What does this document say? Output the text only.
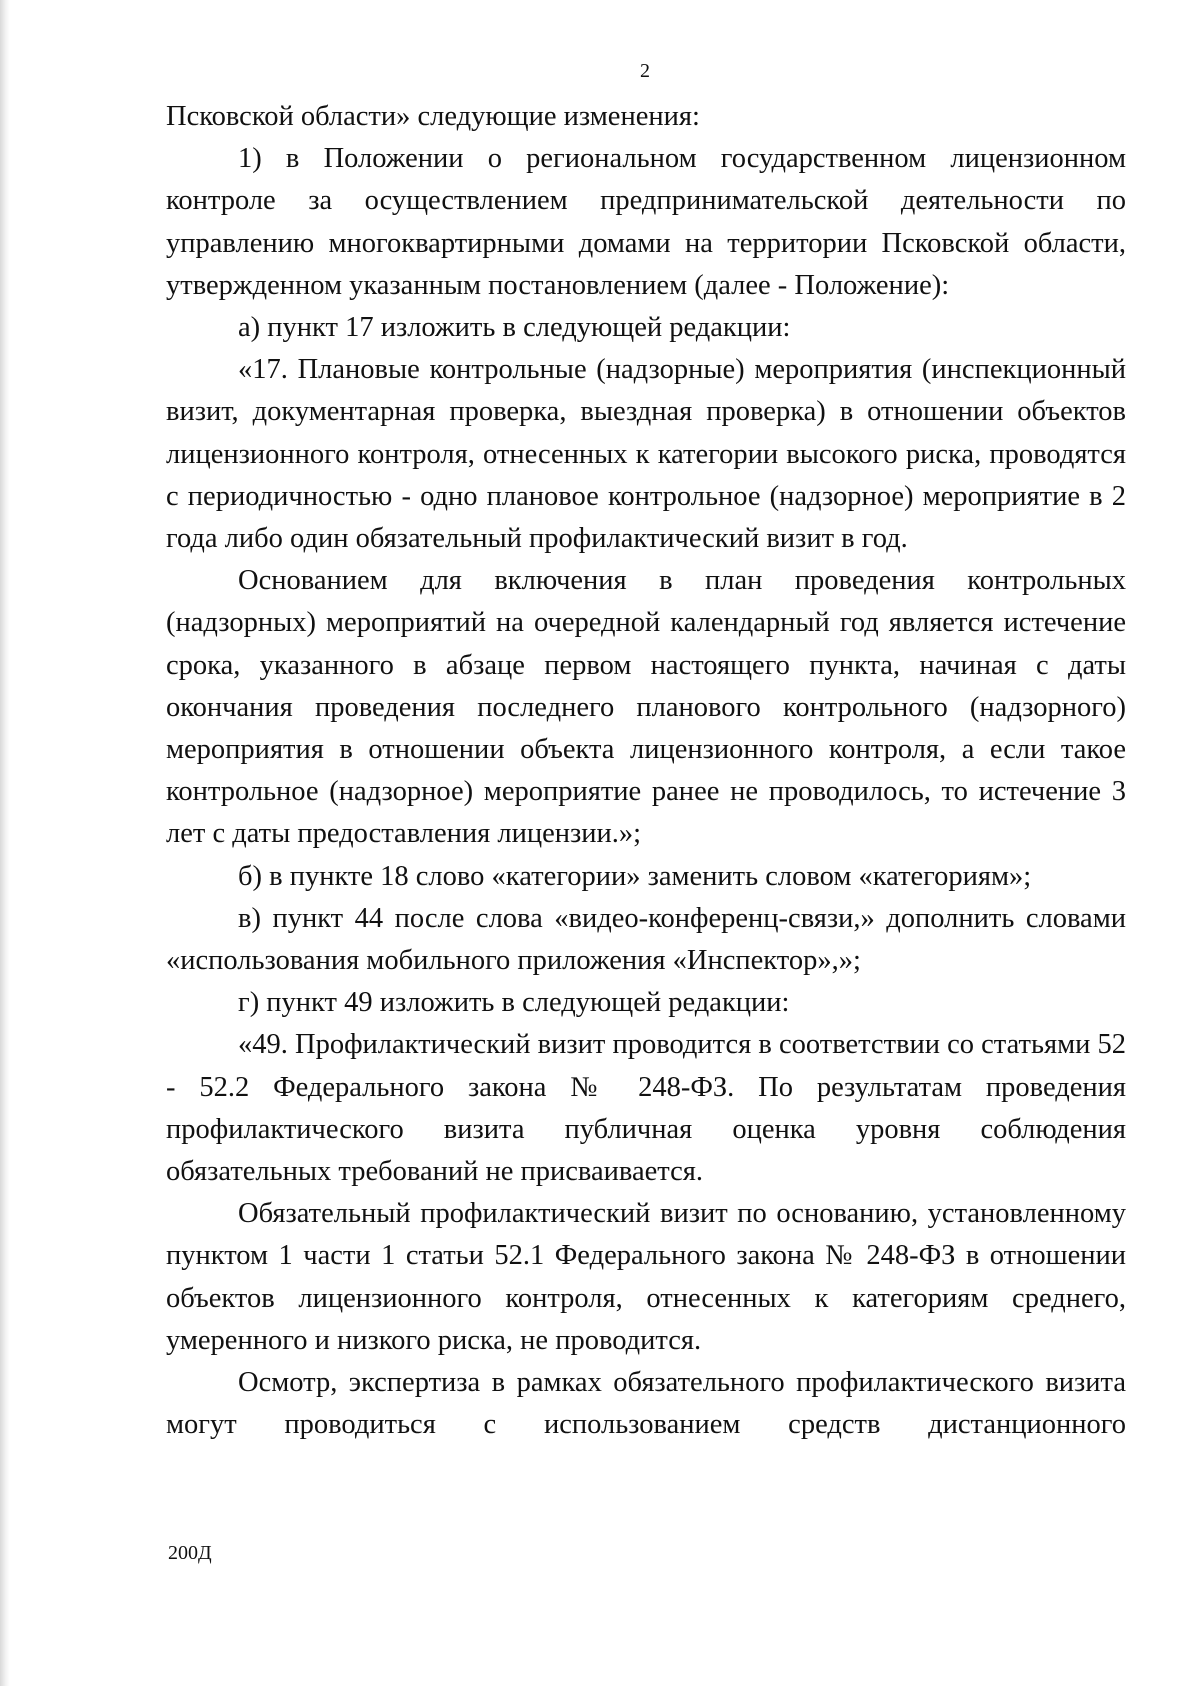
2

Псковской области» следующие изменения:

1) в Положении о региональном государственном лицензионном контроле за осуществлением предпринимательской деятельности по управлению многоквартирными домами на территории Псковской области, утвержденном указанным постановлением (далее - Положение):

а) пункт 17 изложить в следующей редакции:

«17. Плановые контрольные (надзорные) мероприятия (инспекционный визит, документарная проверка, выездная проверка) в отношении объектов лицензионного контроля, отнесенных к категории высокого риска, проводятся с периодичностью - одно плановое контрольное (надзорное) мероприятие в 2 года либо один обязательный профилактический визит в год.

Основанием для включения в план проведения контрольных (надзорных) мероприятий на очередной календарный год является истечение срока, указанного в абзаце первом настоящего пункта, начиная с даты окончания проведения последнего планового контрольного (надзорного) мероприятия в отношении объекта лицензионного контроля, а если такое контрольное (надзорное) мероприятие ранее не проводилось, то истечение 3 лет с даты предоставления лицензии.»;

б) в пункте 18 слово «категории» заменить словом «категориям»;

в) пункт 44 после слова «видео-конференц-связи,» дополнить словами «использования мобильного приложения «Инспектор»,»;

г) пункт 49 изложить в следующей редакции:

«49. Профилактический визит проводится в соответствии со статьями 52 - 52.2 Федерального закона № 248-ФЗ. По результатам проведения профилактического визита публичная оценка уровня соблюдения обязательных требований не присваивается.

Обязательный профилактический визит по основанию, установленному пунктом 1 части 1 статьи 52.1 Федерального закона № 248-ФЗ в отношении объектов лицензионного контроля, отнесенных к категориям среднего, умеренного и низкого риска, не проводится.

Осмотр, экспертиза в рамках обязательного профилактического визита могут проводиться с использованием средств дистанционного

200Д
